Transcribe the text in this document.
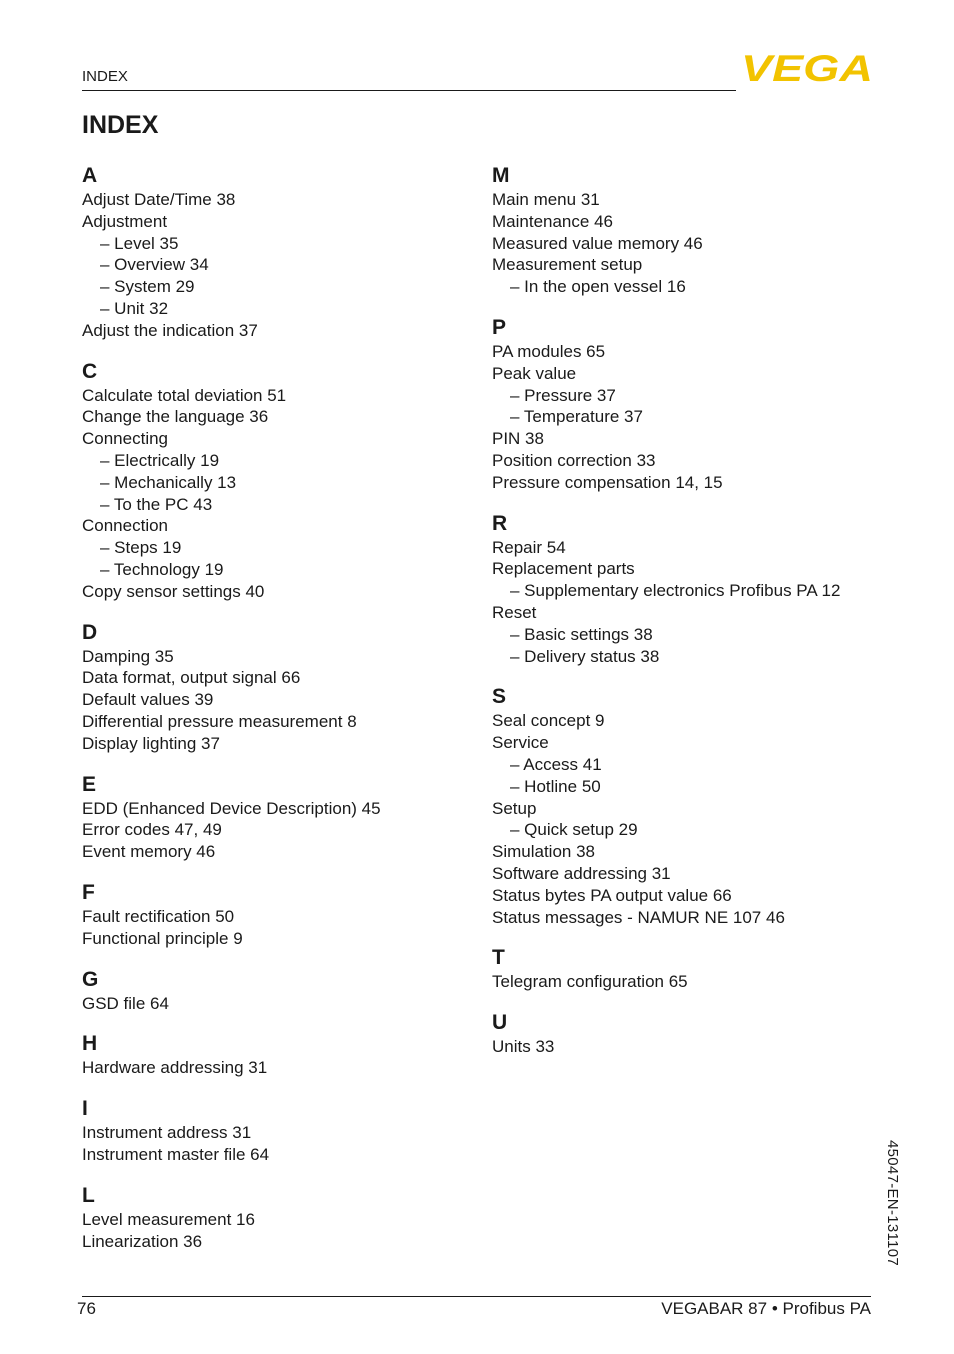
INDEX	VEGA
INDEX
A
Adjust Date/Time 38
Adjustment
– Level 35
– Overview 34
– System 29
– Unit 32
Adjust the indication 37
C
Calculate total deviation 51
Change the language 36
Connecting
– Electrically 19
– Mechanically 13
– To the PC 43
Connection
– Steps 19
– Technology 19
Copy sensor settings 40
D
Damping 35
Data format, output signal 66
Default values 39
Differential pressure measurement 8
Display lighting 37
E
EDD (Enhanced Device Description) 45
Error codes 47, 49
Event memory 46
F
Fault rectification 50
Functional principle 9
G
GSD file 64
H
Hardware addressing 31
I
Instrument address 31
Instrument master file 64
L
Level measurement 16
Linearization 36
M
Main menu 31
Maintenance 46
Measured value memory 46
Measurement setup
– In the open vessel 16
P
PA modules 65
Peak value
– Pressure 37
– Temperature 37
PIN 38
Position correction 33
Pressure compensation 14, 15
R
Repair 54
Replacement parts
– Supplementary electronics Profibus PA 12
Reset
– Basic settings 38
– Delivery status 38
S
Seal concept 9
Service
– Access 41
– Hotline 50
Setup
– Quick setup 29
Simulation 38
Software addressing 31
Status bytes PA output value 66
Status messages - NAMUR NE 107 46
T
Telegram configuration 65
U
Units 33
45047-EN-131107
76	VEGABAR 87 • Profibus PA
